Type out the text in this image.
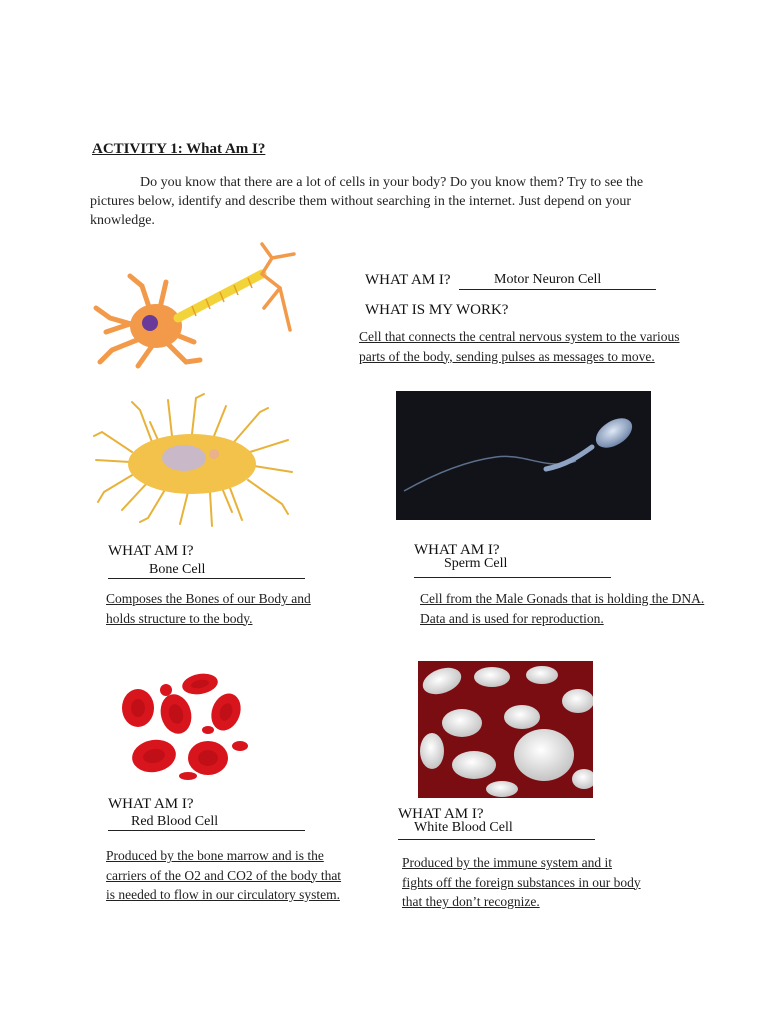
ACTIVITY 1: What Am I?
Do you know that there are a lot of cells in your body? Do you know them? Try to see the pictures below, identify and describe them without searching in the internet. Just depend on your knowledge.
WHAT AM I?	Motor Neuron Cell
WHAT IS MY WORK?
Cell that connects the central nervous system to the various
parts of the body, sending pulses as messages to move.
WHAT AM I?
Bone Cell
Composes the Bones of our Body and
holds structure to the body.
WHAT AM I?
Sperm Cell
Cell from the Male Gonads that is holding the DNA.
Data and is used for reproduction.
WHAT AM I?
Red Blood Cell
Produced by the bone marrow and is the
carriers of the O2 and CO2 of the body that
is needed to flow in our circulatory system.
WHAT AM I?
White Blood Cell
Produced by the immune system and it
fights off the foreign substances in our body
that they don’t recognize.
